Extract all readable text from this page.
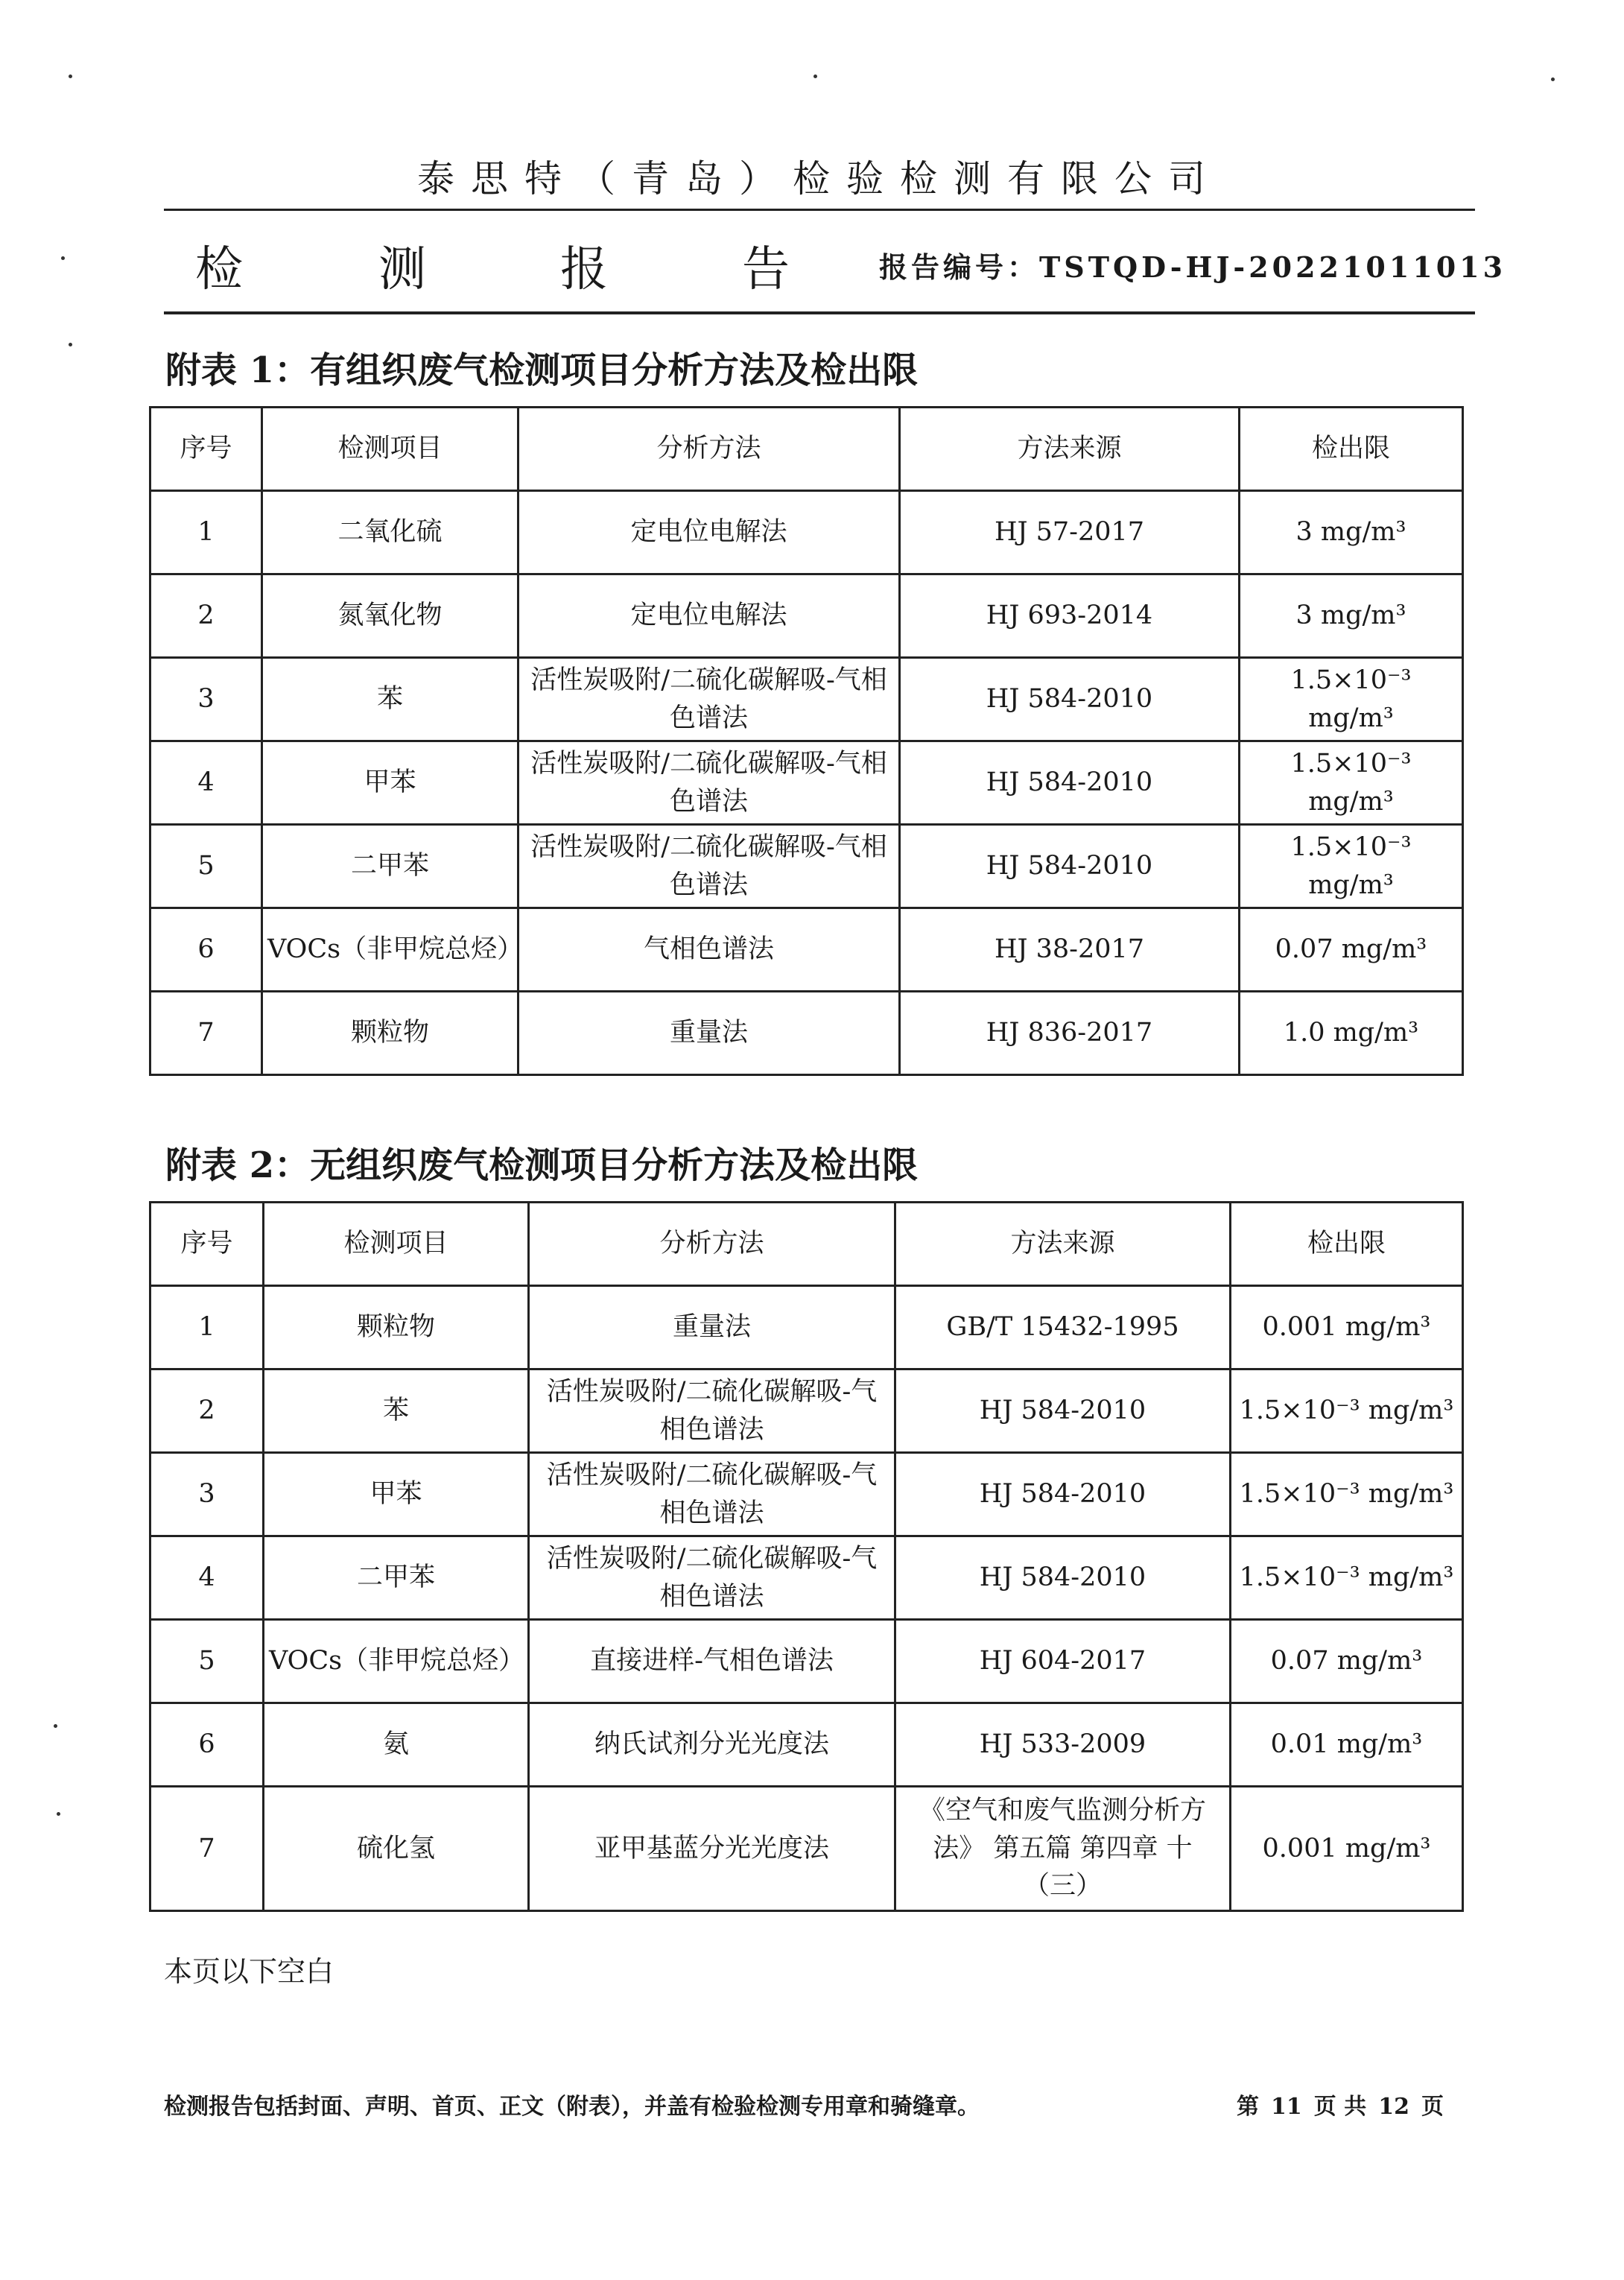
泰思特（青岛）检验检测有限公司
检	测	报	告	报告编号：TSTQD-HJ-20221011013
附表 1：有组织废气检测项目分析方法及检出限
序号	检测项目	分析方法	方法来源	检出限
1	二氧化硫	定电位电解法	HJ 57-2017	3 mg/m³
2	氮氧化物	定电位电解法	HJ 693-2014	3 mg/m³
3	苯	活性炭吸附/二硫化碳解吸-气相色谱法	HJ 584-2010	1.5×10⁻³ mg/m³
4	甲苯	活性炭吸附/二硫化碳解吸-气相色谱法	HJ 584-2010	1.5×10⁻³ mg/m³
5	二甲苯	活性炭吸附/二硫化碳解吸-气相色谱法	HJ 584-2010	1.5×10⁻³ mg/m³
6	VOCs（非甲烷总烃）	气相色谱法	HJ 38-2017	0.07 mg/m³
7	颗粒物	重量法	HJ 836-2017	1.0 mg/m³
附表 2：无组织废气检测项目分析方法及检出限
序号	检测项目	分析方法	方法来源	检出限
1	颗粒物	重量法	GB/T 15432-1995	0.001 mg/m³
2	苯	活性炭吸附/二硫化碳解吸-气相色谱法	HJ 584-2010	1.5×10⁻³ mg/m³
3	甲苯	活性炭吸附/二硫化碳解吸-气相色谱法	HJ 584-2010	1.5×10⁻³ mg/m³
4	二甲苯	活性炭吸附/二硫化碳解吸-气相色谱法	HJ 584-2010	1.5×10⁻³ mg/m³
5	VOCs（非甲烷总烃）	直接进样-气相色谱法	HJ 604-2017	0.07 mg/m³
6	氨	纳氏试剂分光光度法	HJ 533-2009	0.01 mg/m³
7	硫化氢	亚甲基蓝分光光度法	《空气和废气监测分析方法》 第五篇 第四章 十（三）	0.001 mg/m³
本页以下空白
检测报告包括封面、声明、首页、正文（附表），并盖有检验检测专用章和骑缝章。	第 11 页 共 12 页
